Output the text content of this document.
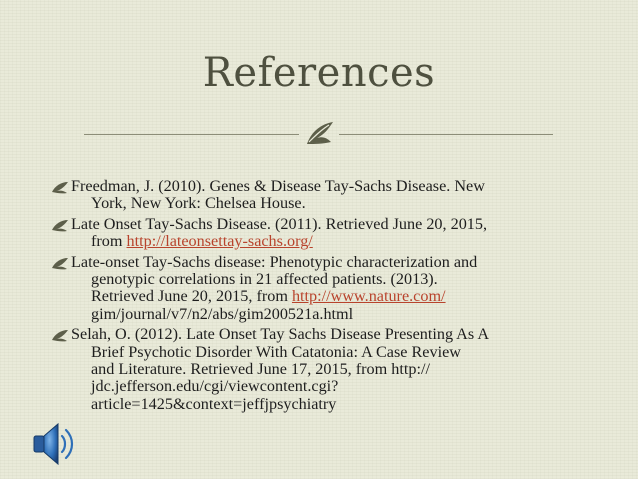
References
Freedman, J. (2010). Genes & Disease Tay-Sachs Disease. New
York, New York: Chelsea House.
Late Onset Tay-Sachs Disease. (2011). Retrieved June 20, 2015,
from http://lateonsettay-sachs.org/
Late-onset Tay-Sachs disease: Phenotypic characterization and
genotypic correlations in 21 affected patients. (2013).
Retrieved June 20, 2015, from http://www.nature.com/
gim/journal/v7/n2/abs/gim200521a.html
Selah, O. (2012). Late Onset Tay Sachs Disease Presenting As A
Brief Psychotic Disorder With Catatonia: A Case Review
and Literature. Retrieved June 17, 2015, from http://
jdc.jefferson.edu/cgi/viewcontent.cgi?
article=1425&context=jeffjpsychiatry
